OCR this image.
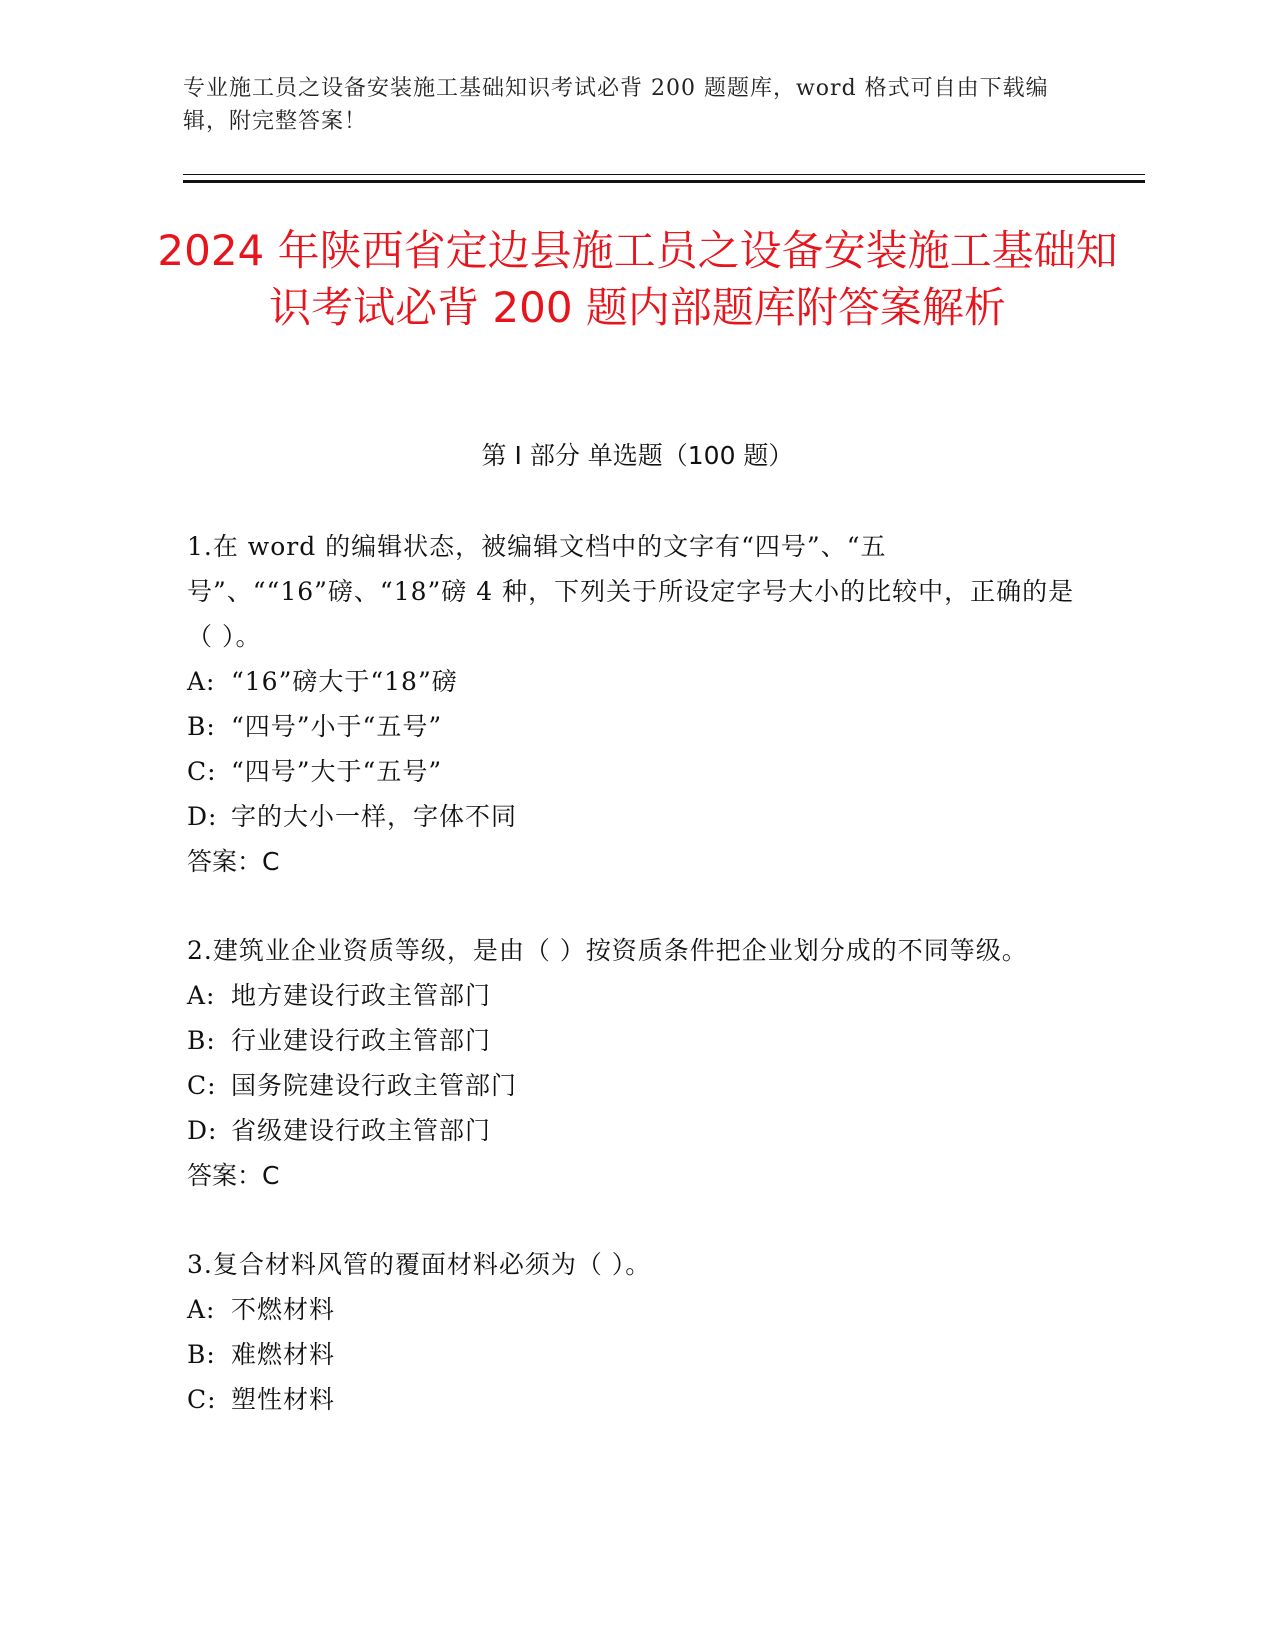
专业施工员之设备安装施工基础知识考试必背 200 题题库，word 格式可自由下载编辑，附完整答案！
2024 年陕西省定边县施工员之设备安装施工基础知识考试必背 200 题内部题库附答案解析
第 I 部分 单选题（100 题）

1.在 word 的编辑状态，被编辑文档中的文字有“四号”、“五号”、““16”磅、“18”磅 4 种，下列关于所设定字号大小的比较中，正确的是（ ）。

A: “16”磅大于“18”磅
B: “四号”小于“五号”
C: “四号”大于“五号”
D: 字的大小一样，字体不同
答案：C

2.建筑业企业资质等级，是由（ ）按资质条件把企业划分成的不同等级。

A: 地方建设行政主管部门
B: 行业建设行政主管部门
C: 国务院建设行政主管部门
D: 省级建设行政主管部门
答案：C

3.复合材料风管的覆面材料必须为（ ）。

A: 不燃材料
B: 难燃材料
C: 塑性材料
